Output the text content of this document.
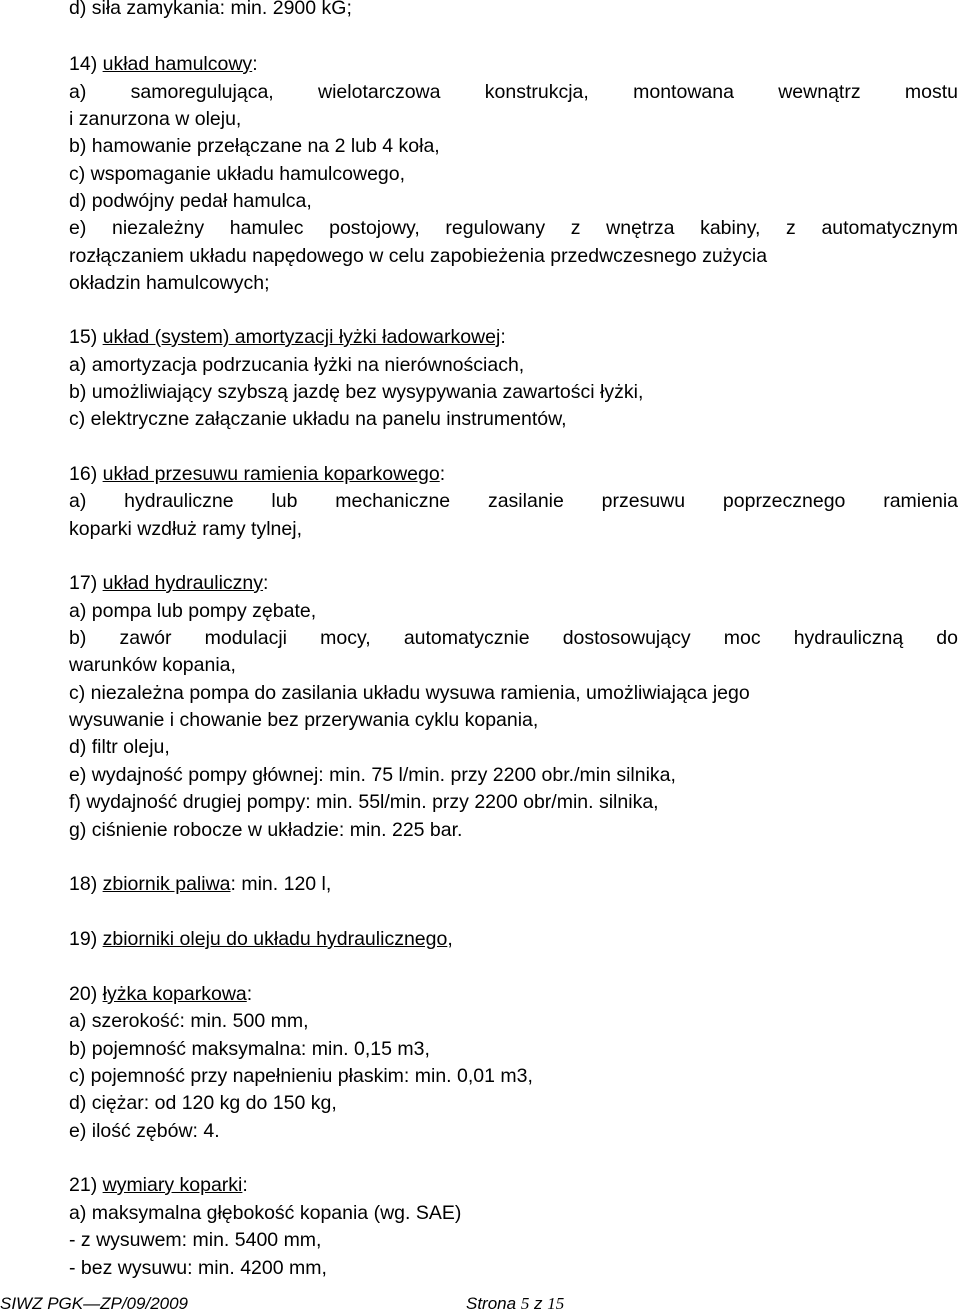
d) siła zamykania: min. 2900 kG;
14) układ hamulcowy:
a) samoregulująca, wielotarczowa konstrukcja, montowana wewnątrz mostu
i zanurzona w oleju,
b) hamowanie przełączane na 2 lub 4 koła,
c) wspomaganie układu hamulcowego,
d) podwójny pedał hamulca,
e) niezależny hamulec postojowy, regulowany z wnętrza kabiny, z automatycznym
rozłączaniem układu napędowego w celu zapobieżenia przedwczesnego zużycia
okładzin hamulcowych;
15) układ (system) amortyzacji łyżki ładowarkowej:
a) amortyzacja podrzucania łyżki na nierównościach,
b) umożliwiający szybszą jazdę bez wysypywania zawartości łyżki,
c) elektryczne załączanie układu na panelu instrumentów,
16) układ przesuwu ramienia koparkowego:
a) hydrauliczne lub mechaniczne zasilanie przesuwu poprzecznego ramienia
koparki wzdłuż ramy tylnej,
17) układ hydrauliczny:
a) pompa lub pompy zębate,
b) zawór modulacji mocy, automatycznie dostosowujący moc hydrauliczną do
warunków kopania,
c) niezależna pompa do zasilania układu wysuwa ramienia, umożliwiająca jego
wysuwanie i chowanie bez przerywania cyklu kopania,
d) filtr oleju,
e) wydajność pompy głównej: min. 75 l/min. przy 2200 obr./min silnika,
f) wydajność drugiej pompy: min. 55l/min. przy 2200 obr/min. silnika,
g) ciśnienie robocze w układzie: min. 225 bar.
18) zbiornik paliwa: min. 120 l,
19) zbiorniki oleju do układu hydraulicznego,
20) łyżka koparkowa:
a) szerokość: min. 500 mm,
b) pojemność maksymalna: min. 0,15 m3,
c) pojemność przy napełnieniu płaskim: min. 0,01 m3,
d) ciężar: od 120 kg do 150 kg,
e) ilość zębów: 4.
21) wymiary koparki:
a) maksymalna głębokość kopania (wg. SAE)
- z wysuwem: min. 5400 mm,
- bez wysuwu: min. 4200 mm,
SIWZ PGK—ZP/09/2009	Strona 5 z 15
